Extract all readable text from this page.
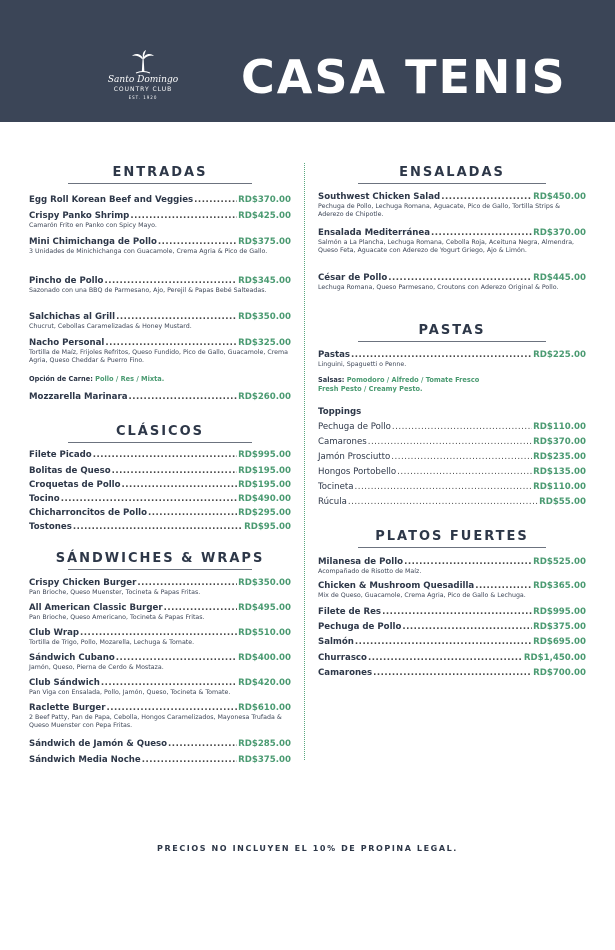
Santo Domingo
COUNTRY CLUB
EST. 1920	CASA TENIS
ENTRADAS
Egg Roll Korean Beef and Veggies .....	RD$370.00
Crispy Panko Shrimp .....	RD$425.00
Camarón Frito en Panko con Spicy Mayo.
Mini Chimichanga de Pollo .....	RD$375.00
3 Unidades de Minichichanga con Guacamole, Crema Agria & Pico de Gallo.
Pincho de Pollo .....	RD$345.00
Sazonado con una BBQ de Parmesano, Ajo, Perejil & Papas Bebé Salteadas.
Salchichas al Grill .....	RD$350.00
Chucrut, Cebollas Caramelizadas & Honey Mustard.
Nacho Personal .....	RD$325.00
Tortilla de Maíz, Frijoles Refritos, Queso Fundido, Pico de Gallo, Guacamole, Crema Agria, Queso Cheddar & Puerro Fino.
Mozzarella Marinara .....	RD$260.00
Opción de Carne: Pollo / Res / Mixta.
CLÁSICOS
Filete Picado .....	RD$995.00
Bolitas de Queso .....	RD$195.00
Croquetas de Pollo .....	RD$195.00
Tocino .....	RD$490.00
Chicharroncitos de Pollo .....	RD$295.00
Tostones .....	RD$95.00
SÁNDWICHES & WRAPS
Crispy Chicken Burger .....	RD$350.00
Pan Brioche, Queso Muenster, Tocineta & Papas Fritas.
All American Classic Burger .....	RD$495.00
Pan Brioche, Queso Americano, Tocineta & Papas Fritas.
Club Wrap .....	RD$510.00
Tortilla de Trigo, Pollo, Mozarella, Lechuga & Tomate.
Sándwich Cubano .....	RD$400.00
Jamón, Queso, Pierna de Cerdo & Mostaza.
Club Sándwich .....	RD$420.00
Pan Viga con Ensalada, Pollo, Jamón, Queso, Tocineta & Tomate.
Raclette Burger .....	RD$610.00
2 Beef Patty, Pan de Papa, Cebolla, Hongos Caramelizados, Mayonesa Trufada & Queso Muenster con Pepa Fritas.
Sándwich de Jamón & Queso .....	RD$285.00
Sándwich Media Noche .....	RD$375.00
ENSALADAS
Southwest Chicken Salad .....	RD$450.00
Pechuga de Pollo, Lechuga Romana, Aguacate, Pico de Gallo, Tortilla Strips & Aderezo de Chipotle.
Ensalada Mediterránea .....	RD$370.00
Salmón a La Plancha, Lechuga Romana, Cebolla Roja, Aceituna Negra, Almendra, Queso Feta, Aguacate con Aderezo de Yogurt Griego, Ajo & Limón.
César de Pollo .....	RD$445.00
Lechuga Romana, Queso Parmesano, Croutons con Aderezo Original & Pollo.
PASTAS
Pastas .....	RD$225.00
Linguini, Spaguetti o Penne.
Salsas: Pomodoro / Alfredo / Tomate Fresco
Fresh Pesto / Creamy Pesto.
Toppings
Pechuga de Pollo .....	RD$110.00
Camarones .....	RD$370.00
Jamón Prosciutto .....	RD$235.00
Hongos Portobello .....	RD$135.00
Tocineta .....	RD$110.00
Rúcula .....	RD$55.00
PLATOS FUERTES
Milanesa de Pollo .....	RD$525.00
Acompañado de Risotto de Maíz.
Chicken & Mushroom Quesadilla .....	RD$365.00
Mix de Queso, Guacamole, Crema Agria, Pico de Gallo & Lechuga.
Filete de Res .....	RD$995.00
Pechuga de Pollo .....	RD$375.00
Salmón .....	RD$695.00
Churrasco .....	RD$1,450.00
Camarones .....	RD$700.00
PRECIOS NO INCLUYEN EL 10% DE PROPINA LEGAL.
